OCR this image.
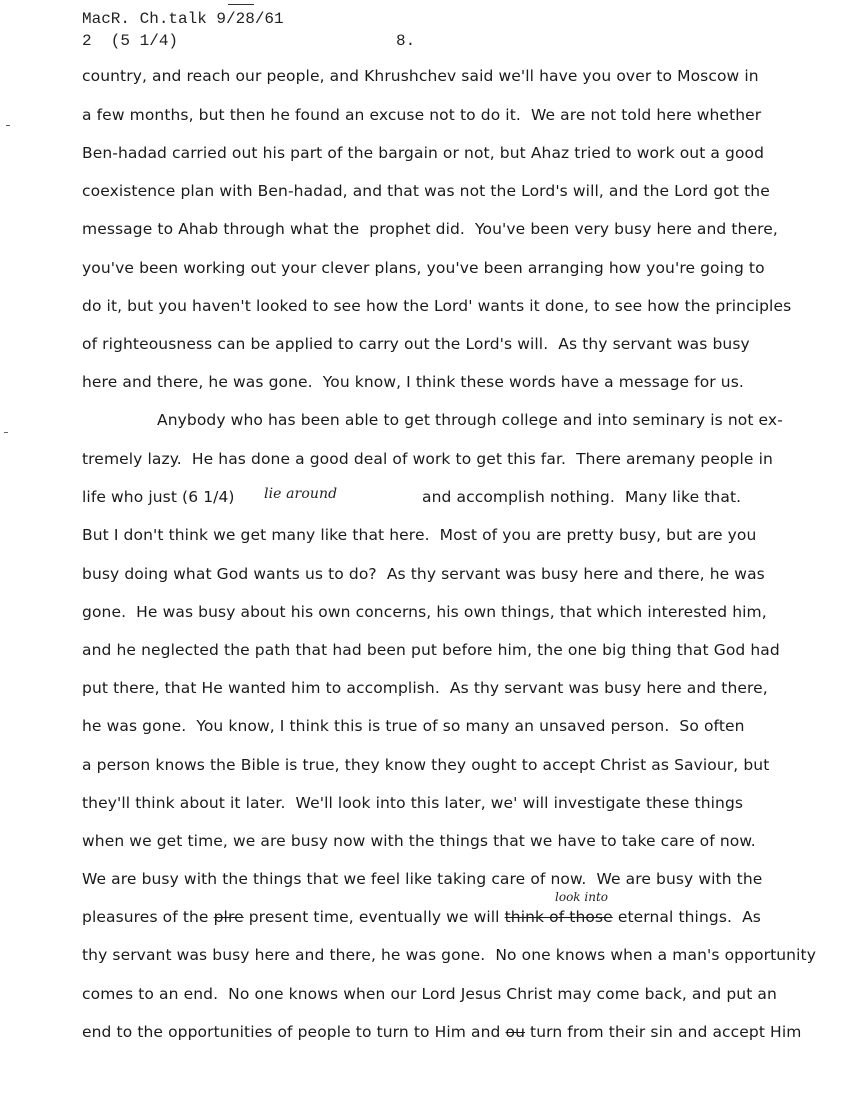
MacR. Ch.talk 9/28/61
2  (5 1/4)	8.
country, and reach our people, and Khrushchev said we'll have you over to Moscow in
a few months, but then he found an excuse not to do it.  We are not told here whether
Ben-hadad carried out his part of the bargain or not, but Ahaz tried to work out a good
coexistence plan with Ben-hadad, and that was not the Lord's will, and the Lord got the
message to Ahab through what the  prophet did.  You've been very busy here and there,
you've been working out your clever plans, you've been arranging how you're going to
do it, but you haven't looked to see how the Lord' wants it done, to see how the principles
of righteousness can be applied to carry out the Lord's will.  As thy servant was busy
here and there, he was gone.  You know, I think these words have a message for us.
Anybody who has been able to get through college and into seminary is not ex-
tremely lazy.  He has done a good deal of work to get this far.  There aremany people in
life who just (6 1/4) lie around	and accomplish nothing.  Many like that.
But I don't think we get many like that here.  Most of you are pretty busy, but are you
busy doing what God wants us to do?  As thy servant was busy here and there, he was
gone.  He was busy about his own concerns, his own things, that which interested him,
and he neglected the path that had been put before him, the one big thing that God had
put there, that He wanted him to accomplish.  As thy servant was busy here and there,
he was gone.  You know, I think this is true of so many an unsaved person.  So often
a person knows the Bible is true, they know they ought to accept Christ as Saviour, but
they'll think about it later.  We'll look into this later, we' will investigate these things
when we get time, we are busy now with the things that we have to take care of now.
We are busy with the things that we feel like taking care of now.  We are busy with the
look into
pleasures of the plre present time, eventually we will think of those eternal things.  As
thy servant was busy here and there, he was gone.  No one knows when a man's opportunity
comes to an end.  No one knows when our Lord Jesus Christ may come back, and put an
end to the opportunities of people to turn to Him and ou turn from their sin and accept Him
